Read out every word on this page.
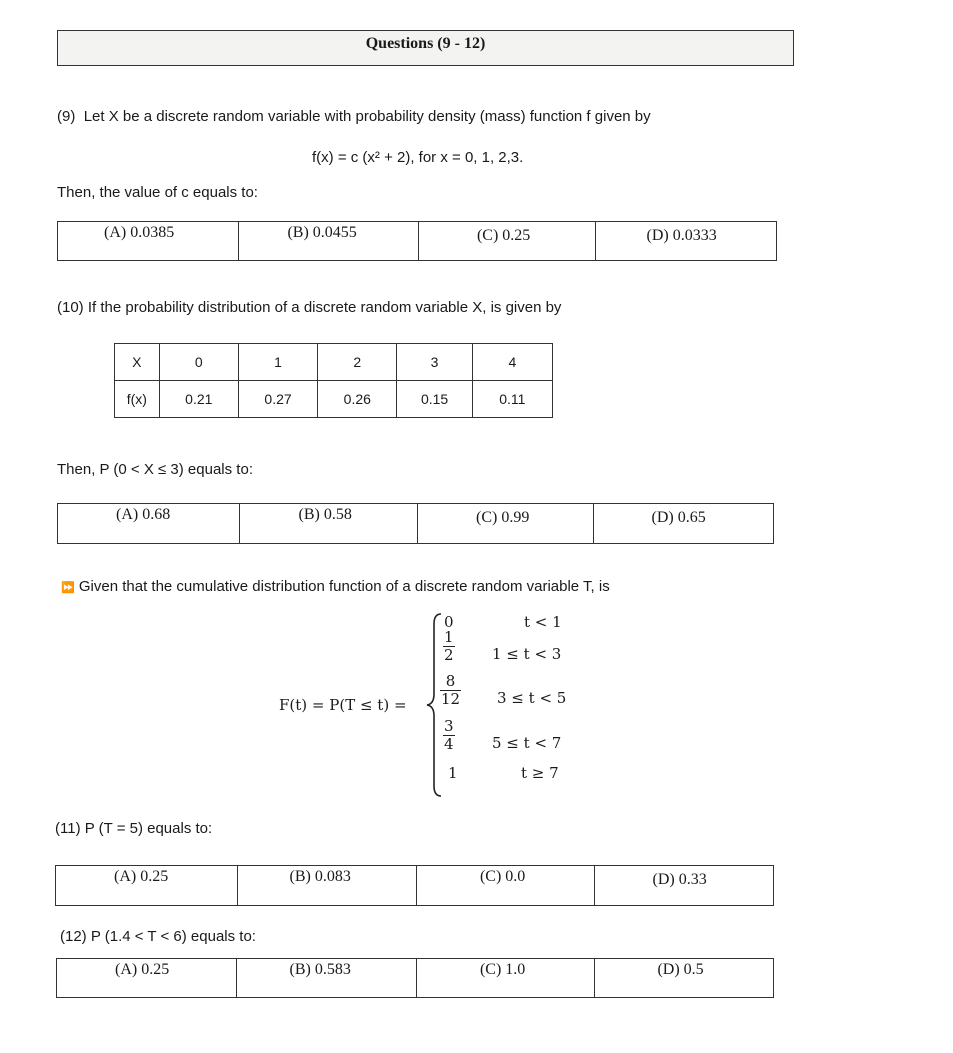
Questions (9 - 12)
(9) Let X be a discrete random variable with probability density (mass) function f given by
f(x) = c (x² + 2), for x = 0, 1, 2,3.
Then, the value of c equals to:
(A) 0.0385	(B) 0.0455	(C) 0.25	(D) 0.0333
(10) If the probability distribution of a discrete random variable X, is given by
X	0	1	2	3	4
f(x)	0.21	0.27	0.26	0.15	0.11
Then, P (0 < X ≤ 3) equals to:
(A) 0.68	(B) 0.58	(C) 0.99	(D) 0.65
⏩ Given that the cumulative distribution function of a discrete random variable T, is
F(t) = P(T ≤ t) =
0	t < 1
$\frac{1}{2} 1 \le t < 3$
$\frac{8}{12} 3 \le t < 5$
$\frac{3}{4} 5 \le t < 7$
1	t ≥ 7
(11) P (T = 5) equals to:
(A) 0.25	(B) 0.083	(C) 0.0	(D) 0.33
(12) P (1.4 < T < 6) equals to:
(A) 0.25	(B) 0.583	(C) 1.0	(D) 0.5
